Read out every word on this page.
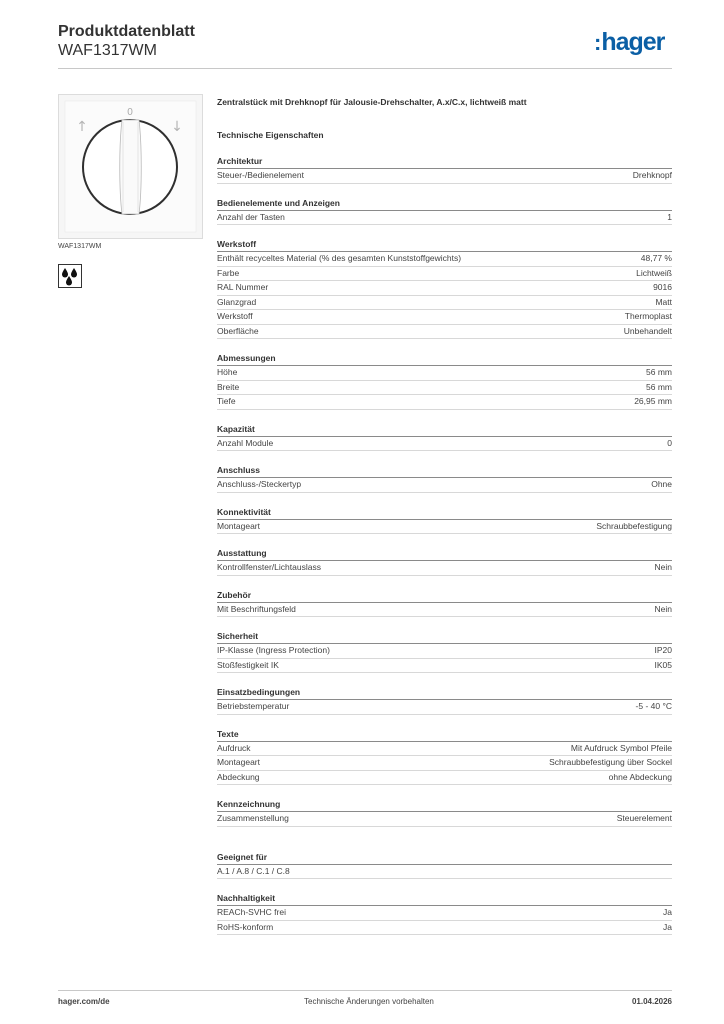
Produktdatenblatt
WAF1317WM	:hager
0
↑	↓
WAF1317WM
Zentralstück mit Drehknopf für Jalousie-Drehschalter, A.x/C.x, lichtweiß matt
Technische Eigenschaften
Architektur
Steuer-/Bedienelement	Drehknopf
Bedienelemente und Anzeigen
Anzahl der Tasten	1
Werkstoff
Enthält recyceltes Material (% des gesamten Kunststoffgewichts)	48,77 %
Farbe	Lichtweiß
RAL Nummer	9016
Glanzgrad	Matt
Werkstoff	Thermoplast
Oberfläche	Unbehandelt
Abmessungen
Höhe	56 mm
Breite	56 mm
Tiefe	26,95 mm
Kapazität
Anzahl Module	0
Anschluss
Anschluss-/Steckertyp	Ohne
Konnektivität
Montageart	Schraubbefestigung
Ausstattung
Kontrollfenster/Lichtauslass	Nein
Zubehör
Mit Beschriftungsfeld	Nein
Sicherheit
IP-Klasse (Ingress Protection)	IP20
Stoßfestigkeit IK	IK05
Einsatzbedingungen
Betriebstemperatur	-5 - 40 °C
Texte
Aufdruck	Mit Aufdruck Symbol Pfeile
Montageart	Schraubbefestigung über Sockel
Abdeckung	ohne Abdeckung
Kennzeichnung
Zusammenstellung	Steuerelement
Geeignet für
A.1 / A.8 / C.1 / C.8
Nachhaltigkeit
REACh-SVHC frei	Ja
RoHS-konform	Ja
hager.com/de	Technische Änderungen vorbehalten	01.04.2026
